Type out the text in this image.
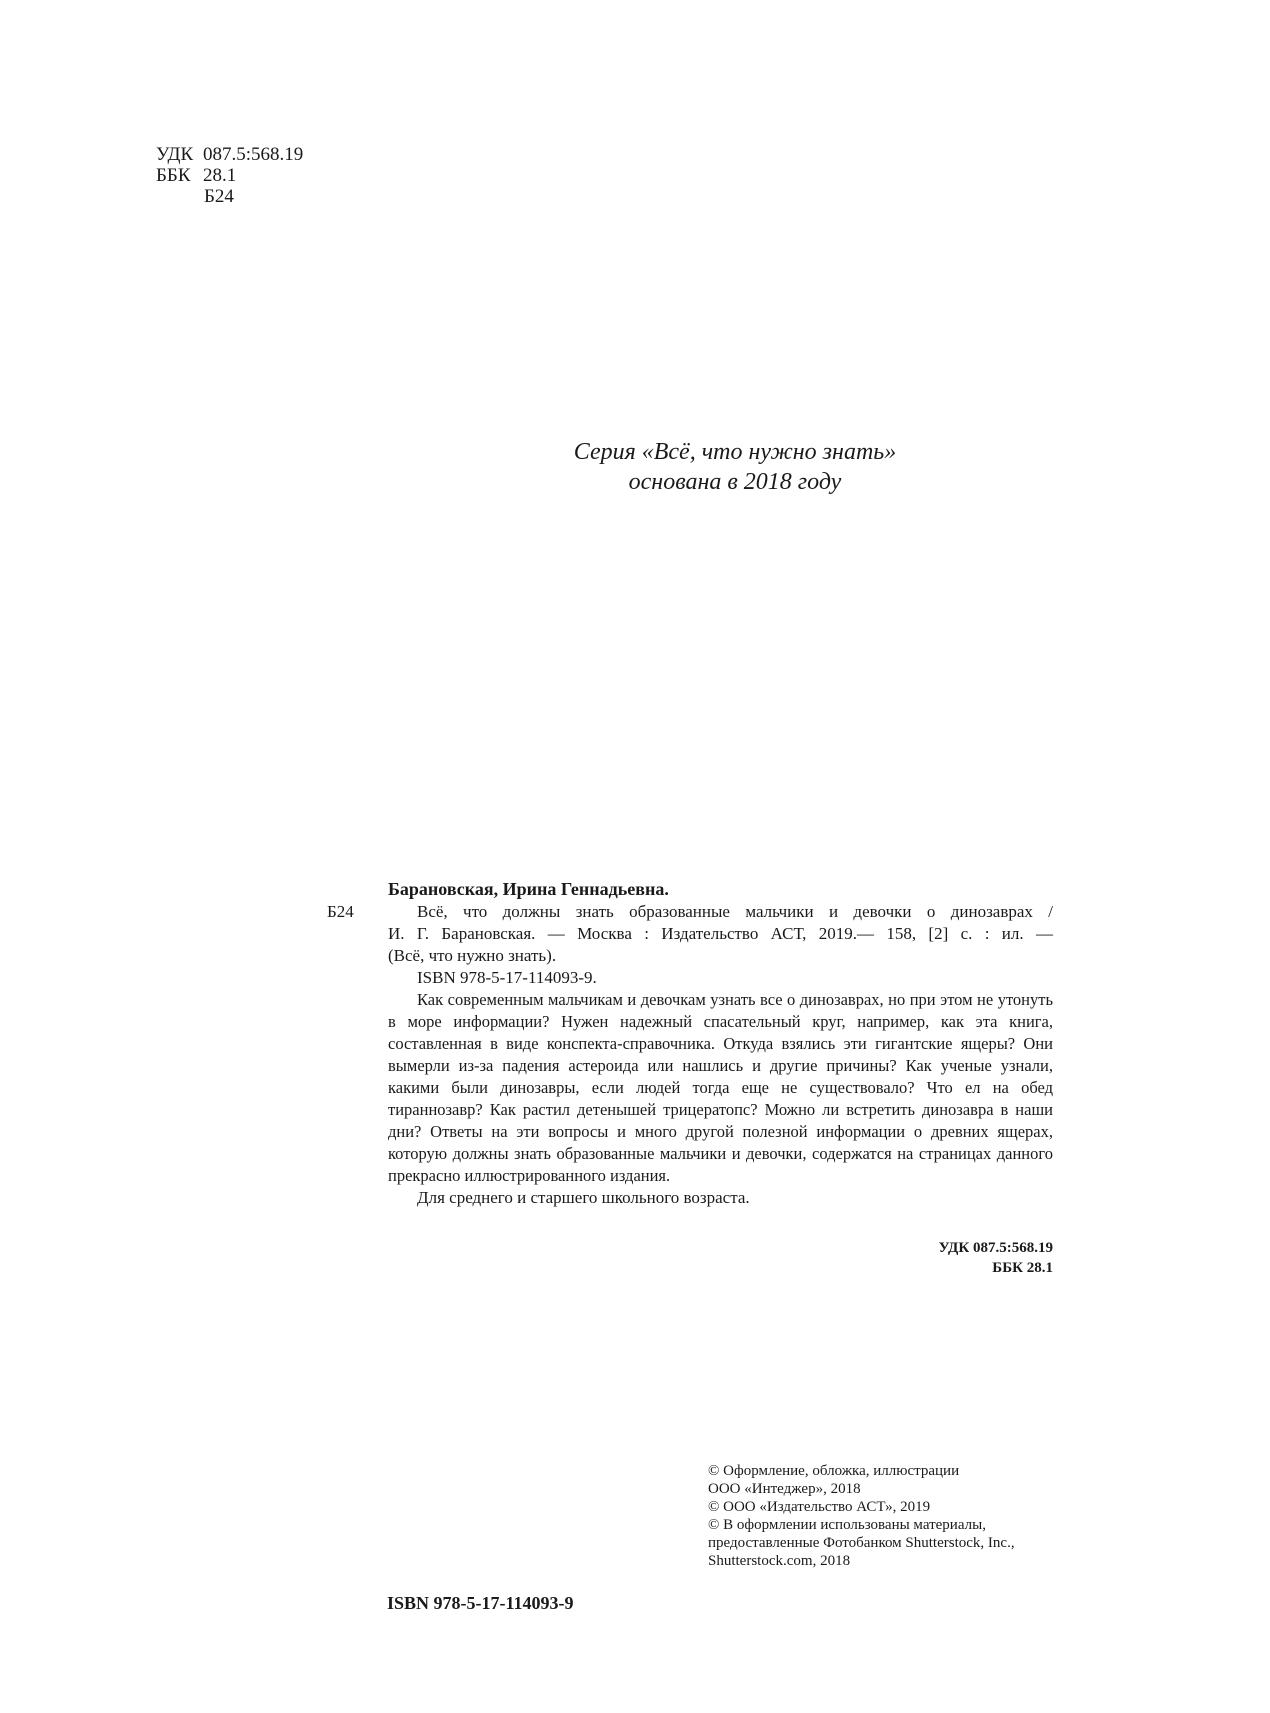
УДК 087.5:568.19
ББК 28.1
Б24
Серия «Всё, что нужно знать»
основана в 2018 году
Барановская, Ирина Геннадьевна.
Б24	Всё, что должны знать образованные мальчики и девочки о динозаврах /
И. Г. Барановская. — Москва : Издательство АСТ, 2019.— 158, [2] с. : ил. —
(Всё, что нужно знать).

ISBN 978-5-17-114093-9.

Как современным мальчикам и девочкам узнать все о динозаврах, но при этом не утонуть в море информации? Нужен надежный спасательный круг, например, как эта книга, составленная в виде конспекта-справочника. Откуда взялись эти гигантские ящеры? Они вымерли из-за падения астероида или нашлись и другие причины? Как ученые узнали, какими были динозавры, если людей тогда еще не существовало? Что ел на обед тираннозавр? Как растил детенышей трицератопс? Можно ли встретить динозавра в наши дни? Ответы на эти вопросы и много другой полезной информации о древних ящерах, которую должны знать образованные мальчики и девочки, содержатся на страницах данного прекрасно иллюстрированного издания.

Для среднего и старшего школьного возраста.

УДК 087.5:568.19
ББК 28.1
© Оформление, обложка, иллюстрации
ООО «Интеджер», 2018
© ООО «Издательство АСТ», 2019
© В оформлении использованы материалы,
предоставленные Фотобанком Shutterstock, Inc.,
Shutterstock.com, 2018
ISBN 978-5-17-114093-9
